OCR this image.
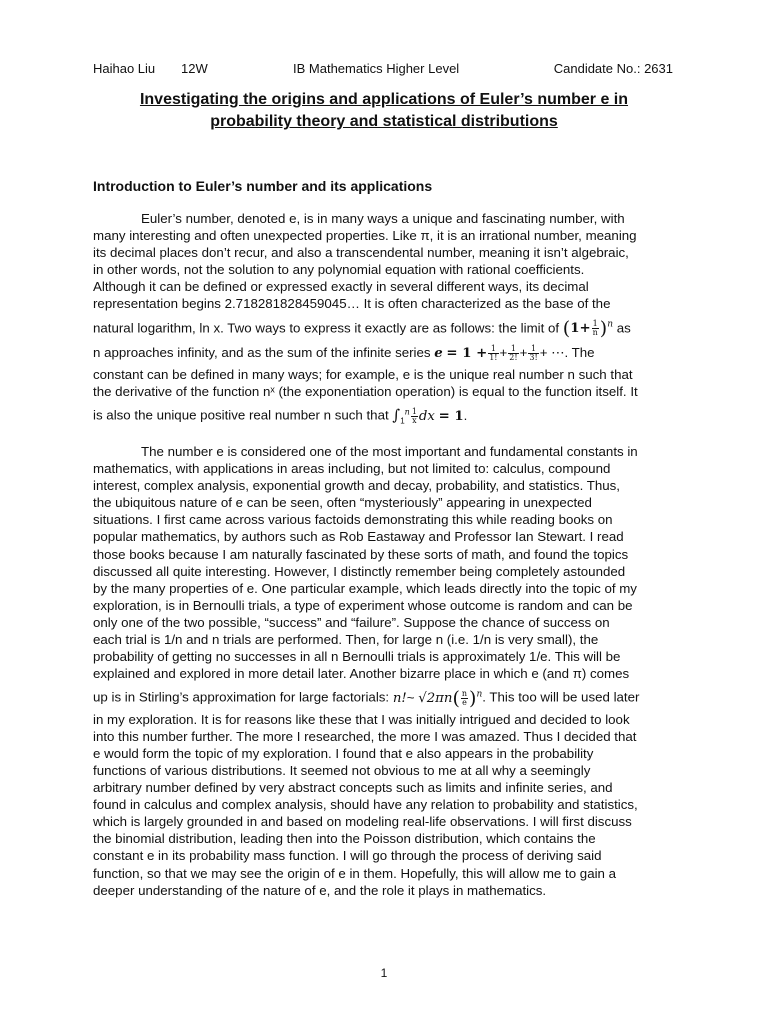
Haihao Liu 12W	IB Mathematics Higher Level	Candidate No.: 2631
Investigating the origins and applications of Euler’s number e in
probability theory and statistical distributions
Introduction to Euler’s number and its applications
Euler’s number, denoted e, is in many ways a unique and fascinating number, with
many interesting and often unexpected properties. Like π, it is an irrational number, meaning
its decimal places don’t recur, and also a transcendental number, meaning it isn’t algebraic,
in other words, not the solution to any polynomial equation with rational coefficients.
Although it can be defined or expressed exactly in several different ways, its decimal
representation begins 2.718281828459045… It is often characterized as the base of the
natural logarithm, ln x. Two ways to express it exactly are as follows: the limit of $(1+ \frac{1}{n} )^n$ as
n approaches infinity, and as the sum of the infinite series $e = 1 + \frac{1}{1!} + \frac{1}{2!} + \frac{1}{3!}$ + ⋯. The
constant can be defined in many ways; for example, e is the unique real number n such that
the derivative of the function nˣ (the exponentiation operation) is equal to the function itself. It
is also the unique positive real number n such that $\int_1^n \frac{1}{x}$ dx = 1.
The number e is considered one of the most important and fundamental constants in
mathematics, with applications in areas including, but not limited to: calculus, compound
interest, complex analysis, exponential growth and decay, probability, and statistics. Thus,
the ubiquitous nature of e can be seen, often “mysteriously” appearing in unexpected
situations. I first came across various factoids demonstrating this while reading books on
popular mathematics, by authors such as Rob Eastaway and Professor Ian Stewart. I read
those books because I am naturally fascinated by these sorts of math, and found the topics
discussed all quite interesting. However, I distinctly remember being completely astounded
by the many properties of e. One particular example, which leads directly into the topic of my
exploration, is in Bernoulli trials, a type of experiment whose outcome is random and can be
only one of the two possible, “success” and “failure”. Suppose the chance of success on
each trial is 1/n and n trials are performed. Then, for large n (i.e. 1/n is very small), the
probability of getting no successes in all n Bernoulli trials is approximately 1/e. This will be
explained and explored in more detail later. Another bizarre place in which e (and π) comes
up is in Stirling’s approximation for large factorials: n!~ $√2\pi n( \frac{n}{e} )^n$. This too will be used later
in my exploration. It is for reasons like these that I was initially intrigued and decided to look
into this number further. The more I researched, the more I was amazed. Thus I decided that
e would form the topic of my exploration. I found that e also appears in the probability
functions of various distributions. It seemed not obvious to me at all why a seemingly
arbitrary number defined by very abstract concepts such as limits and infinite series, and
found in calculus and complex analysis, should have any relation to probability and statistics,
which is largely grounded in and based on modeling real-life observations. I will first discuss
the binomial distribution, leading then into the Poisson distribution, which contains the
constant e in its probability mass function. I will go through the process of deriving said
function, so that we may see the origin of e in them. Hopefully, this will allow me to gain a
deeper understanding of the nature of e, and the role it plays in mathematics.
1
